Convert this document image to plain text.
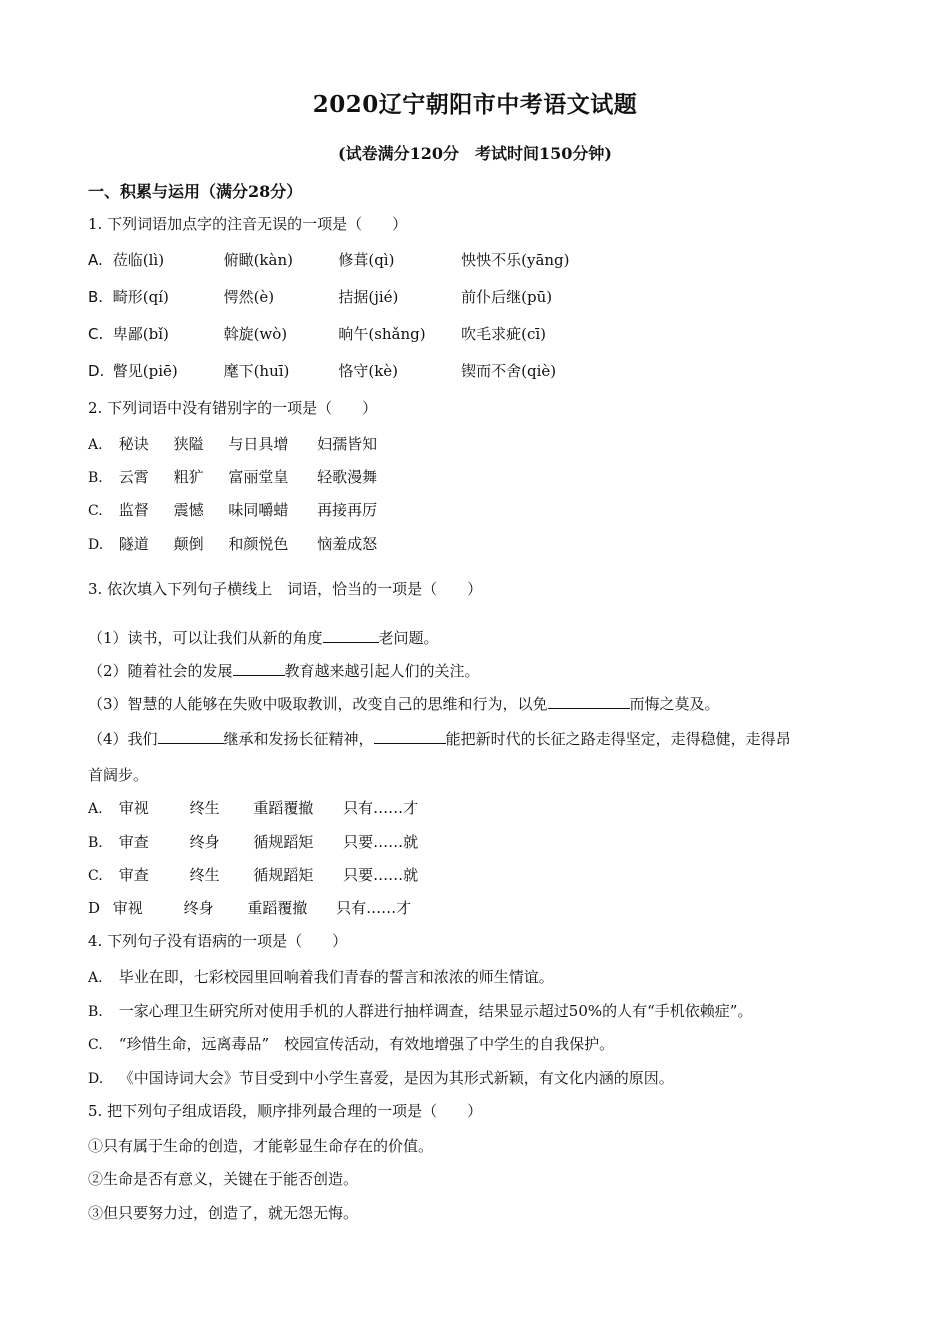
2020辽宁朝阳市中考语文试题
(试卷满分120分　考试时间150分钟)
一、积累与运用（满分28分）
1. 下列词语加点字的注音无误的一项是（　　）
A. 莅临(lì)	俯瞰(kàn)	修葺(qì)	怏怏不乐(yāng)
B. 畸形(qí)	愕然(è)	拮据(jié)	前仆后继(pū)
C. 卑鄙(bǐ)	斡旋(wò)	晌午(shǎng) 吹毛求疵(cī)
D. 瞥见(piē)	麾下(huī)	恪守(kè)	锲而不舍(qiè)
2. 下列词语中没有错别字的一项是（　　）
A. 秘诀 狭隘 与日具增 妇孺皆知
B. 云霄 粗犷 富丽堂皇 轻歌漫舞
C. 监督 震憾 味同嚼蜡 再接再厉
D. 隧道 颠倒 和颜悦色 恼羞成怒
3. 依次填入下列句子横线上　词语，恰当的一项是（　　）
（1）读书，可以让我们从新的角度	老问题。
（2）随着社会的发展	教育越来越引起人们的关注。
（3）智慧的人能够在失败中吸取教训，改变自己的思维和行为，以免	而悔之莫及。
（4）我们	继承和发扬长征精神，	能把新时代的长征之路走得坚定，走得稳健，走得昂
首阔步。
A. 审视	终生 重蹈覆撤 只有……才
B. 审查	终身 循规蹈矩 只要……就
C. 审查	终生 循规蹈矩 只要……就
D 审视	终身 重蹈覆撤 只有……才
4. 下列句子没有语病的一项是（　　）
A. 毕业在即，七彩校园里回响着我们青春的誓言和浓浓的师生情谊。
B. 一家心理卫生研究所对使用手机的人群进行抽样调查，结果显示超过50%的人有“手机依赖症”。
C. “珍惜生命，远离毒品”　校园宣传活动，有效地增强了中学生的自我保护。
D. 《中国诗词大会》节目受到中小学生喜爱，是因为其形式新颖，有文化内涵的原因。
5. 把下列句子组成语段，顺序排列最合理的一项是（　　）
①只有属于生命的创造，才能彰显生命存在的价值。
②生命是否有意义，关键在于能否创造。
③但只要努力过，创造了，就无怨无悔。
